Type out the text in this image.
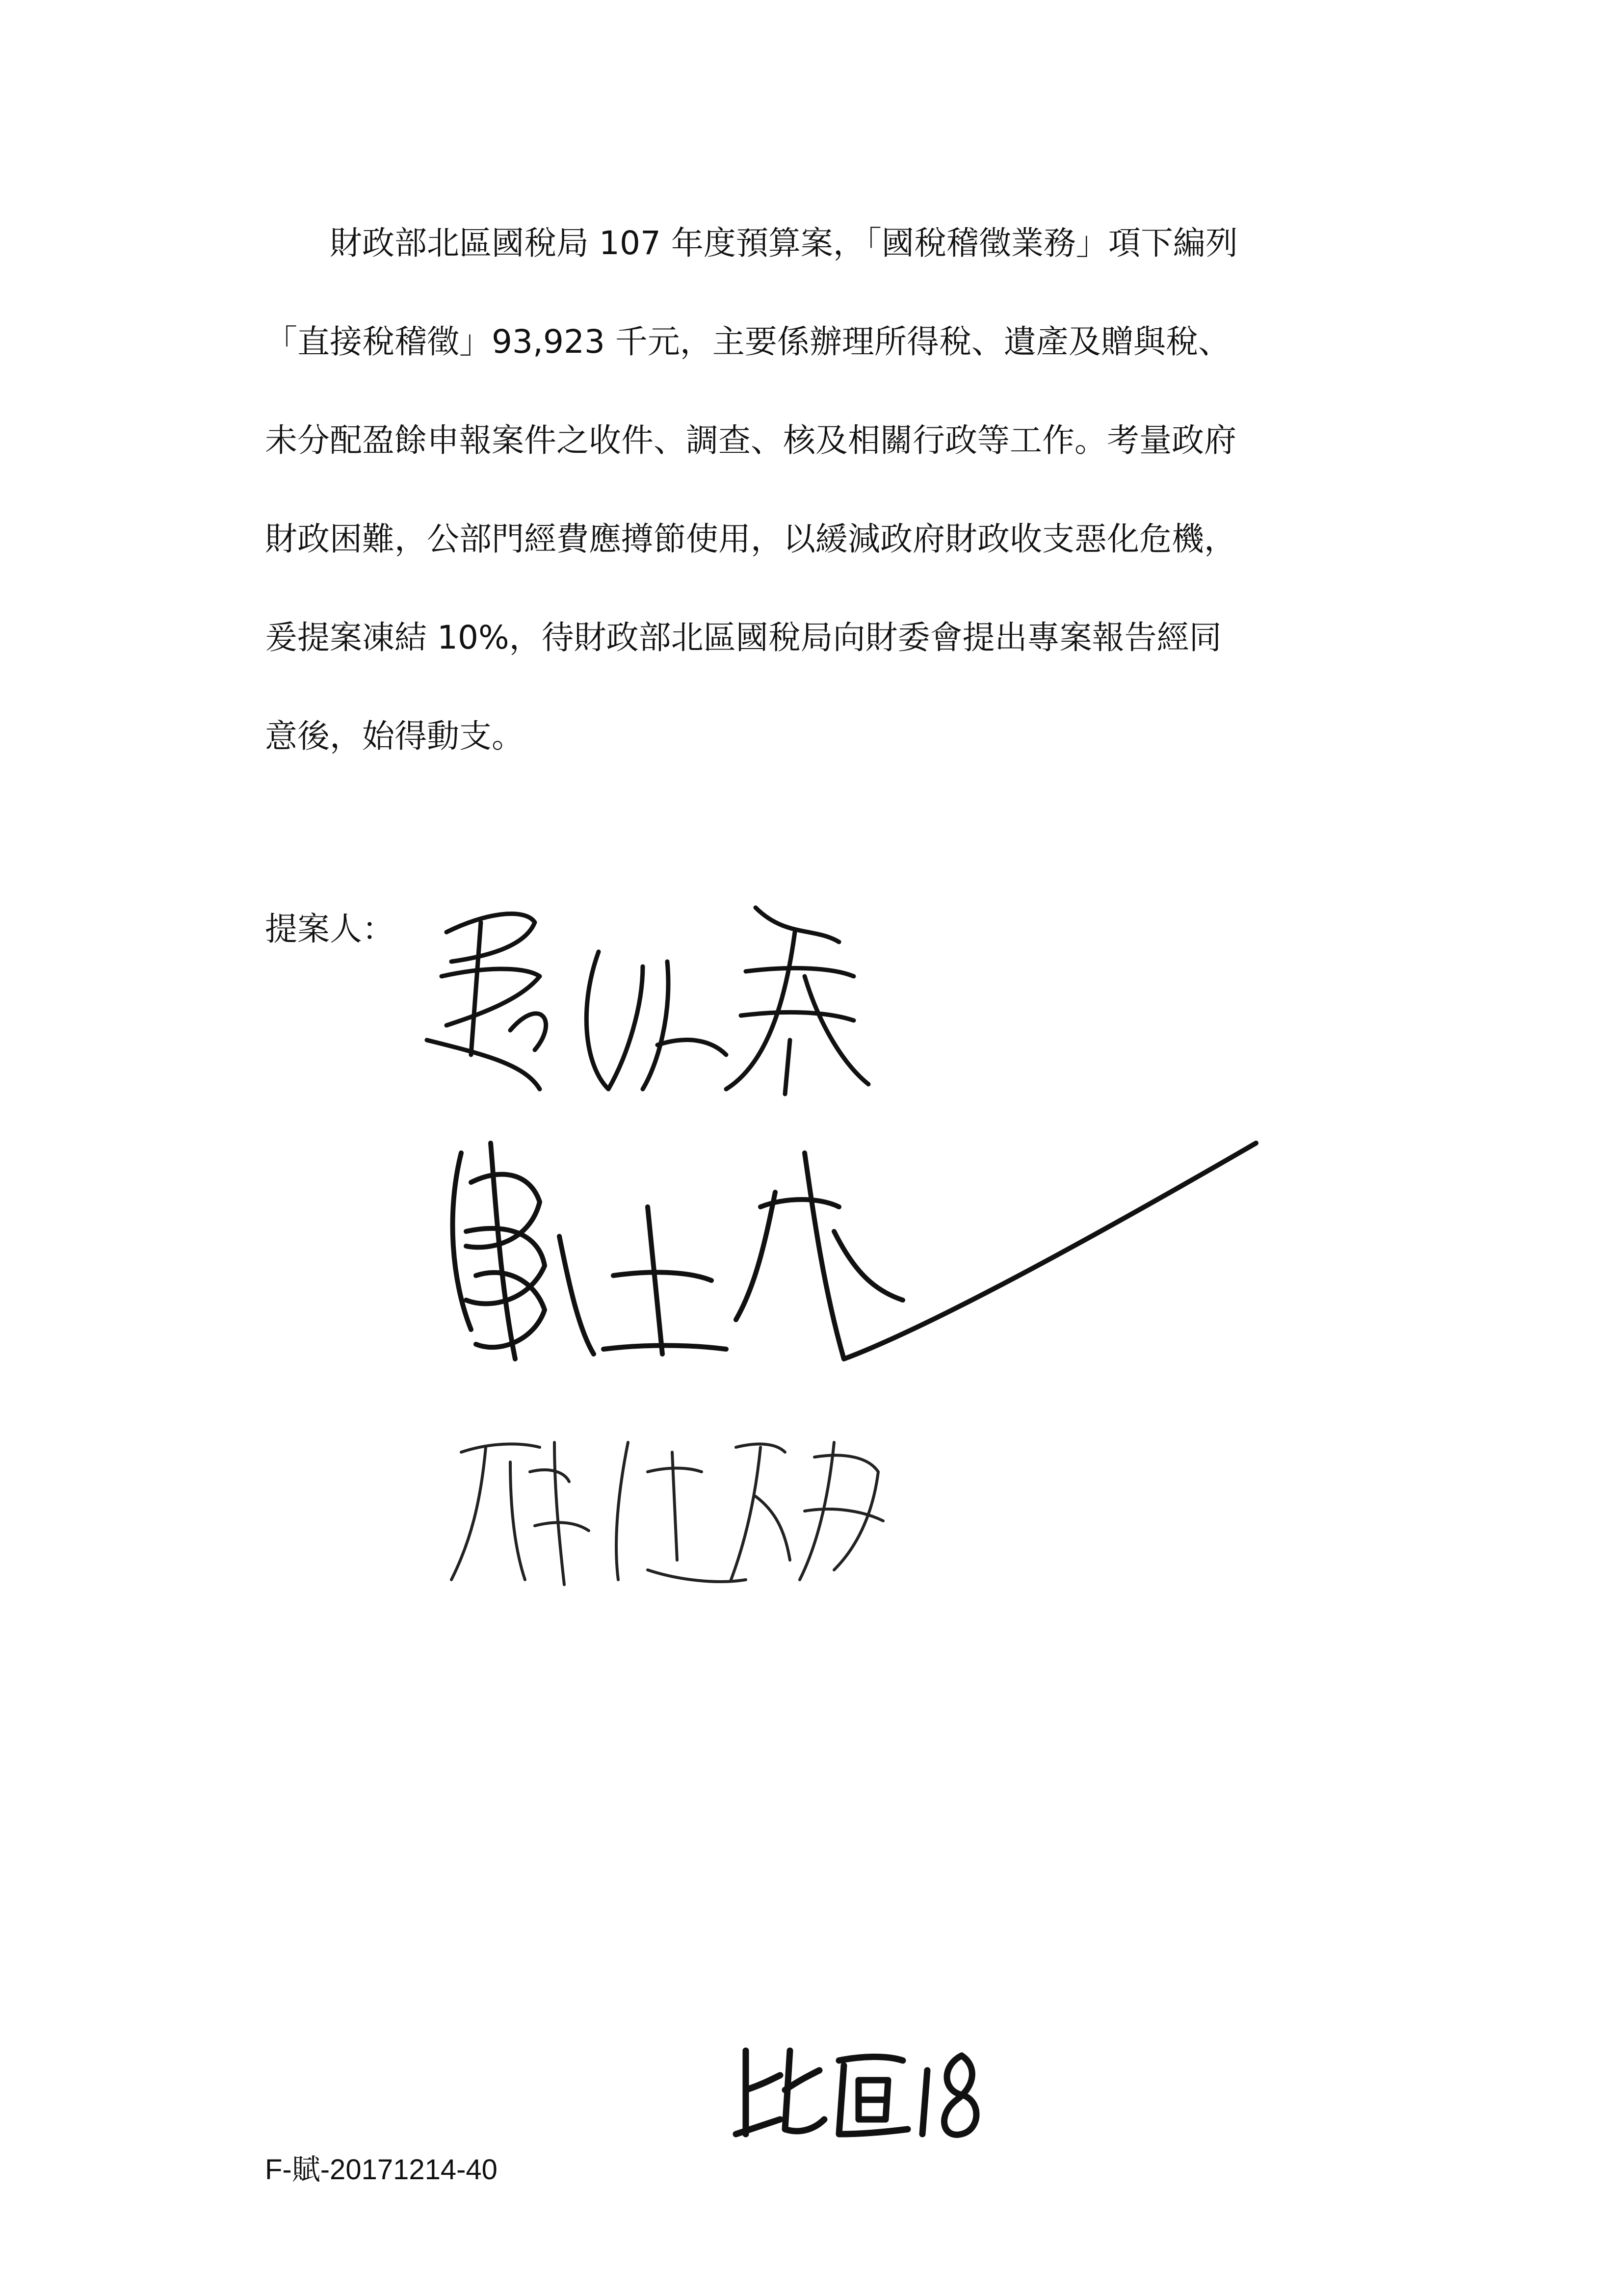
財政部北區國稅局 107 年度預算案，「國稅稽徵業務」項下編列
「直接稅稽徵」93,923 千元，主要係辦理所得稅、遺產及贈與稅、
未分配盈餘申報案件之收件、調查、核及相關行政等工作。考量政府
財政困難，公部門經費應撙節使用，以緩減政府財政收支惡化危機，
爰提案凍結 10%，待財政部北區國稅局向財委會提出專案報告經同
意後，始得動支。
提案人：
F-賦-20171214-40
